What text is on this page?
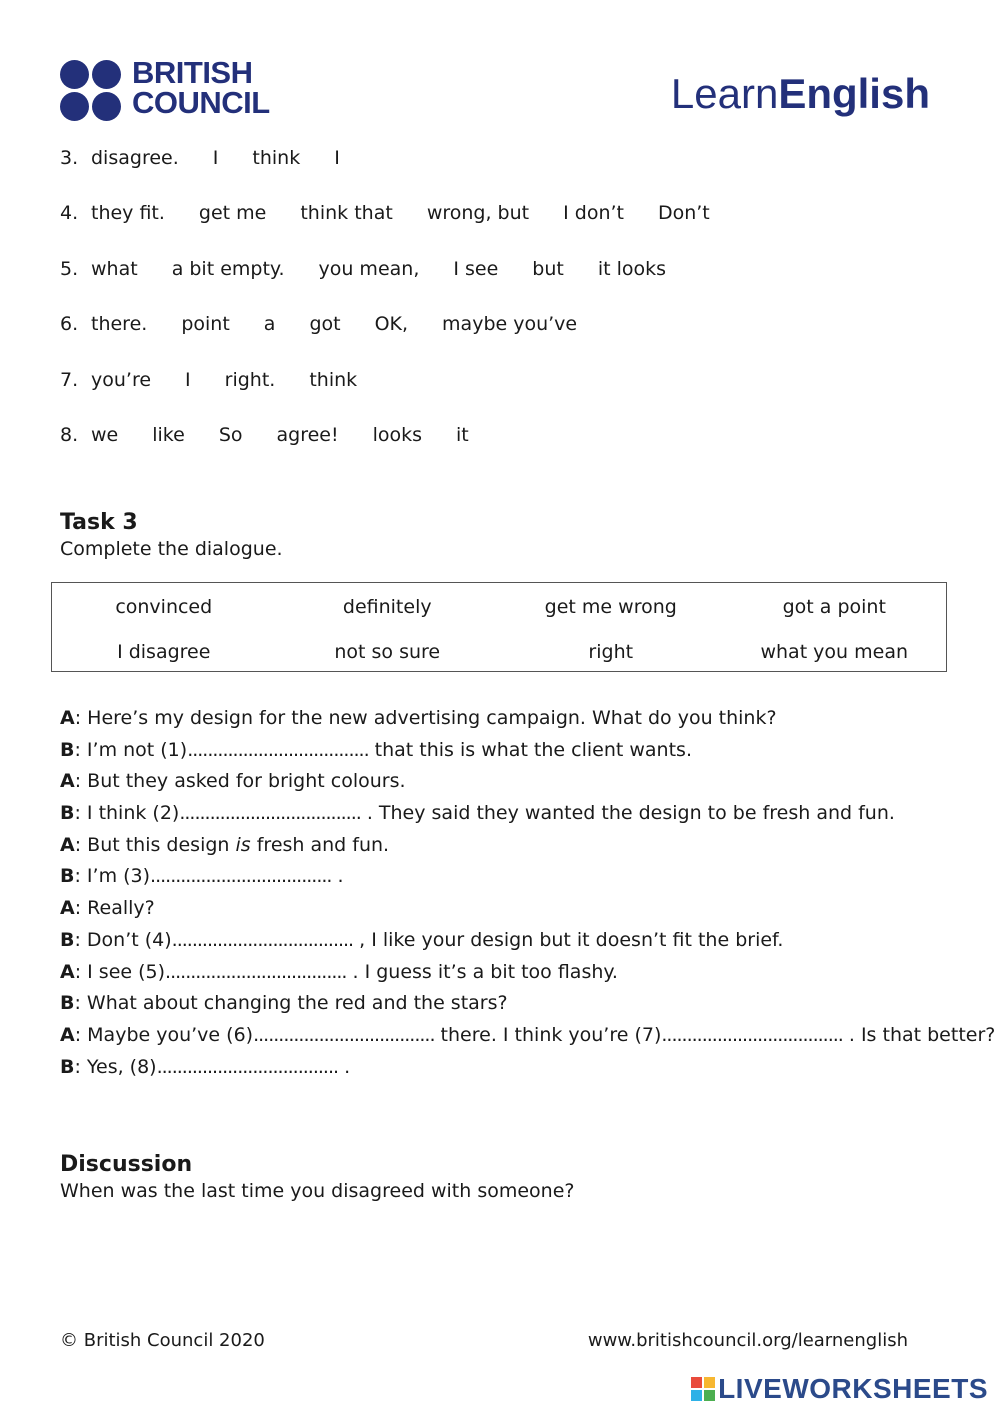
BRITISH
COUNCIL	LearnEnglish
3. disagree. I think I
4. they fit. get me think that wrong, but I don’t Don’t
5. what a bit empty. you mean, I see but it looks
6. there. point a got OK, maybe you’ve
7. you’re I right. think
8. we like So agree! looks it
Task 3
Complete the dialogue.
convinced	definitely	get me wrong	got a point
I disagree	not so sure	right	what you mean
A: Here’s my design for the new advertising campaign. What do you think?
B: I’m not (1).................................... that this is what the client wants.
A: But they asked for bright colours.
B: I think (2).................................... . They said they wanted the design to be fresh and fun.
A: But this design is fresh and fun.
B: I’m (3).................................... .
A: Really?
B: Don’t (4).................................... , I like your design but it doesn’t fit the brief.
A: I see (5).................................... . I guess it’s a bit too flashy.
B: What about changing the red and the stars?
A: Maybe you’ve (6).................................... there. I think you’re (7).................................... . Is that better?
B: Yes, (8).................................... .
Discussion
When was the last time you disagreed with someone?
© British Council 2020	www.britishcouncil.org/learnenglish
LIVEWORKSHEETS
